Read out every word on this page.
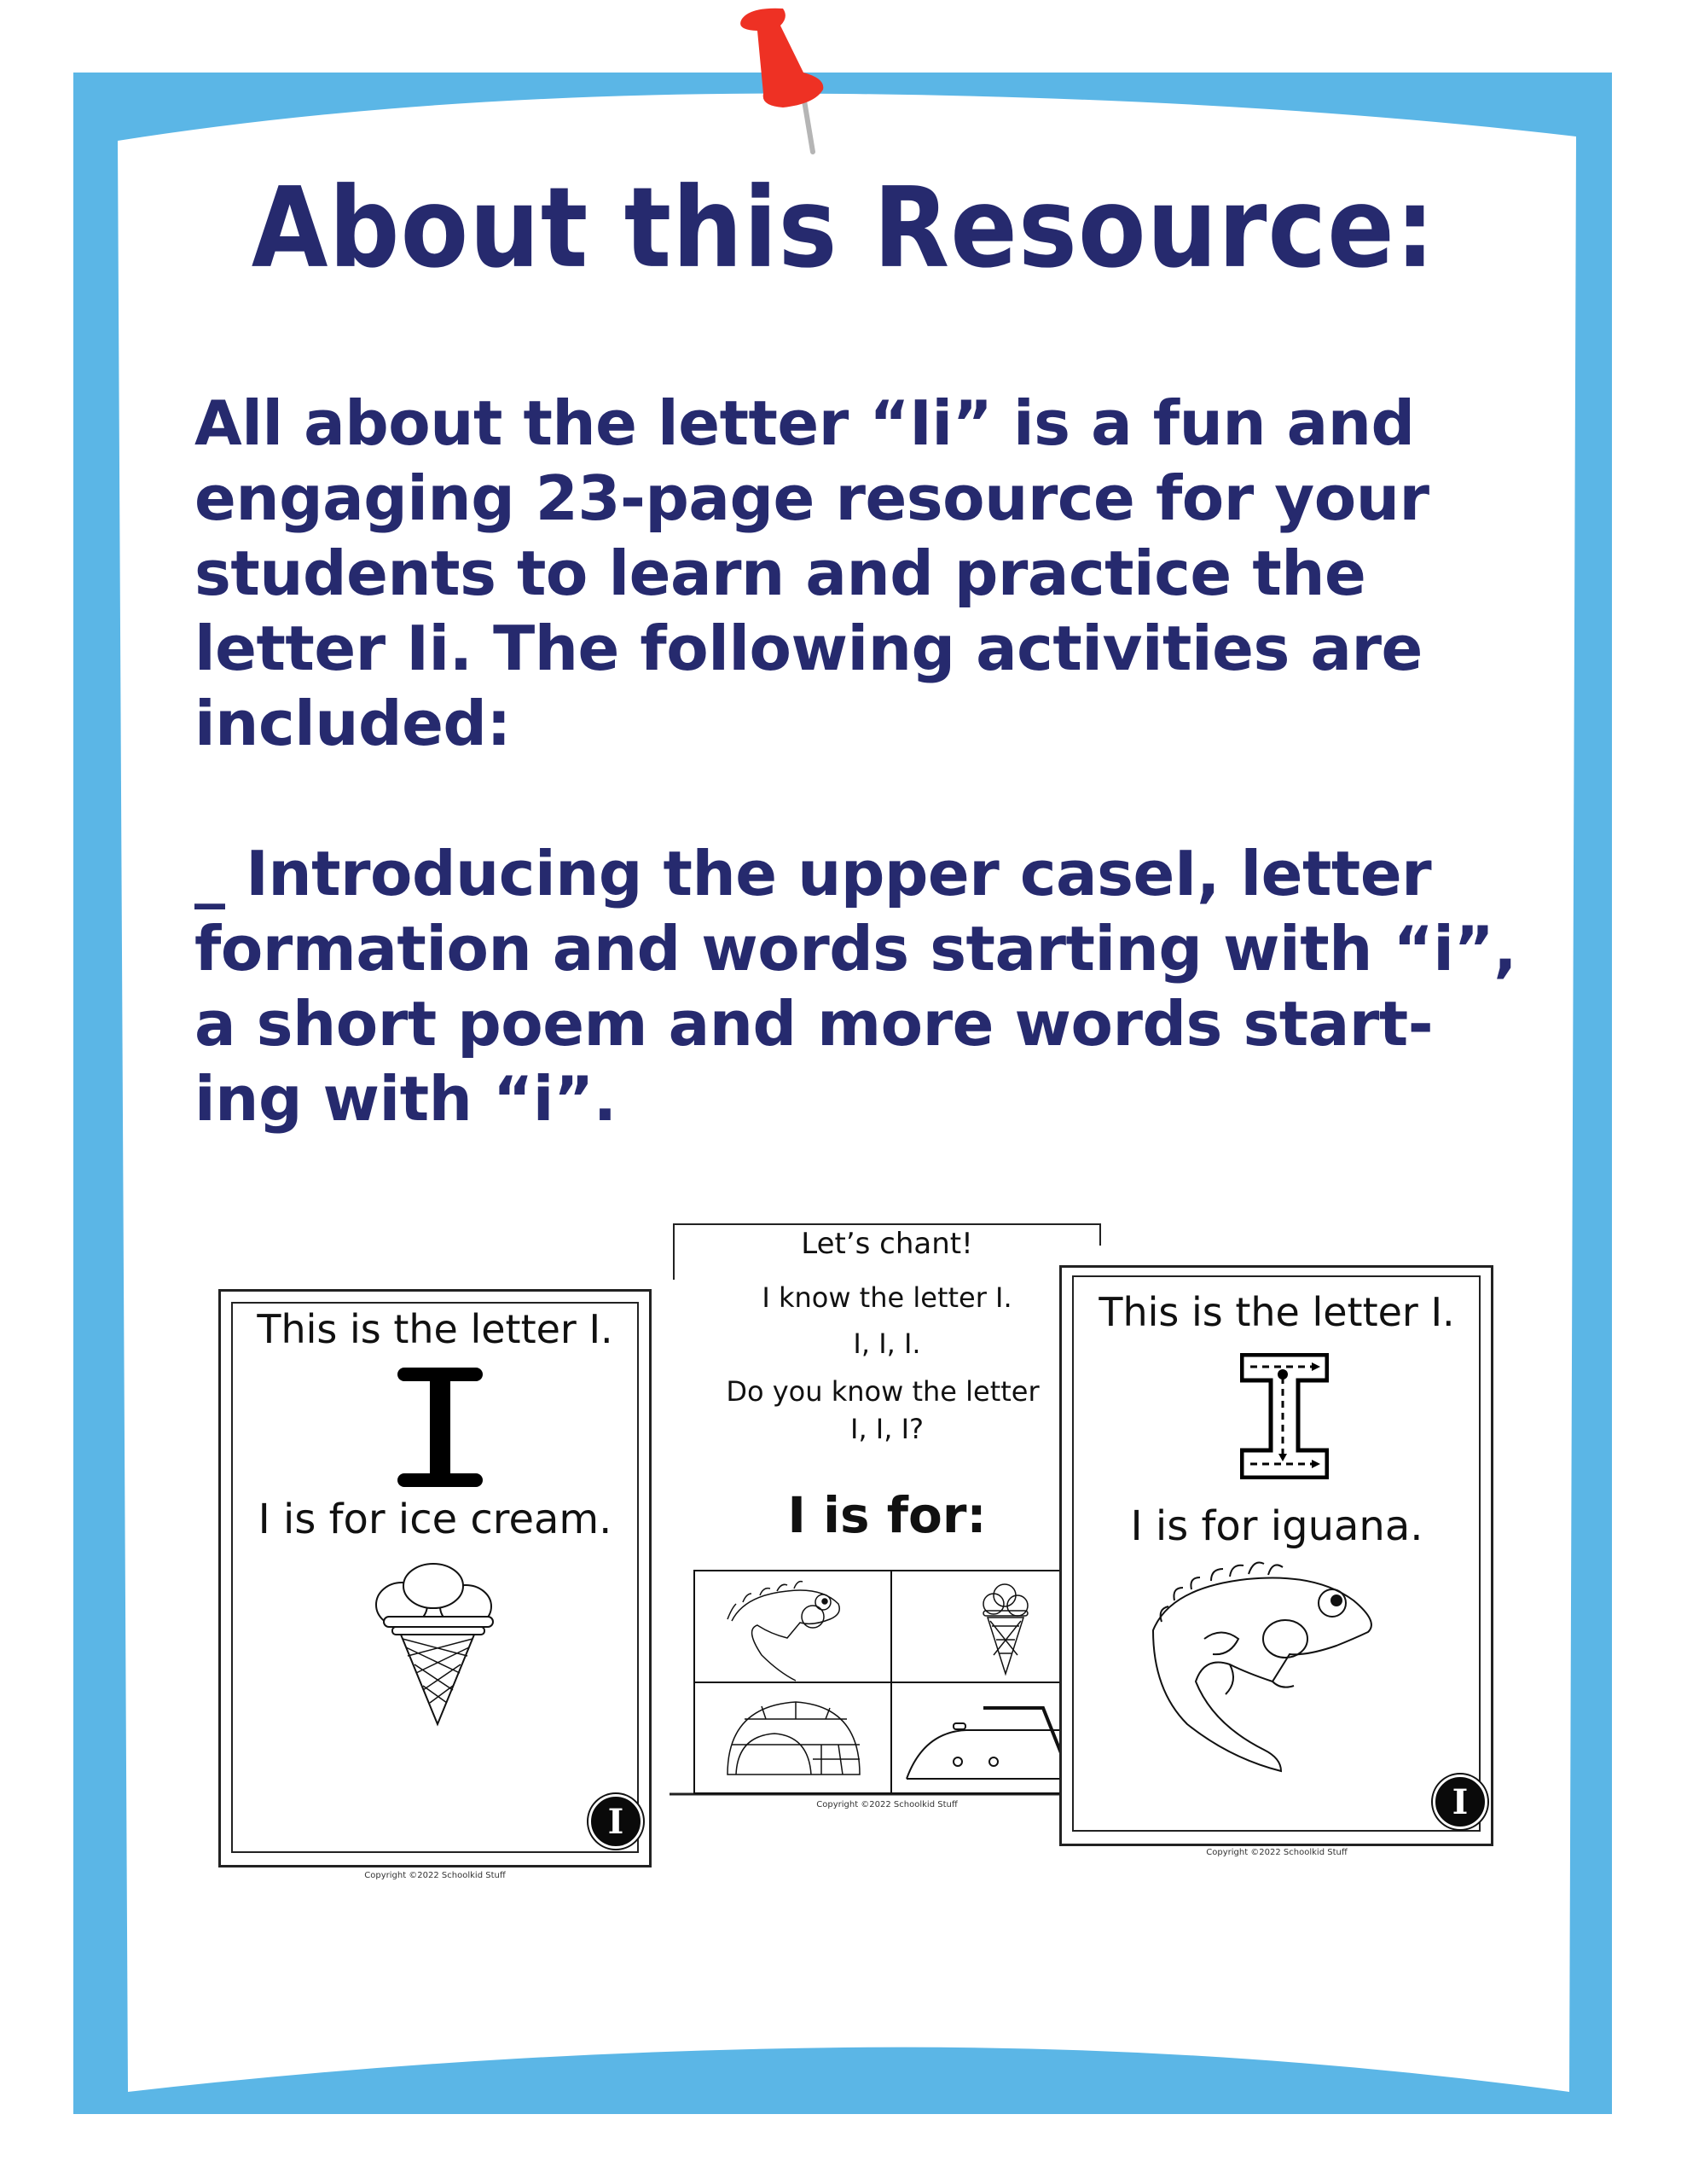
About this Resource:
All about the letter “Ii” is a fun and
engaging 23-page resource for your
students to learn and practice the
letter Ii. The following activities are
included:
_ Introducing the upper caseI, letter
formation and words starting with “i”,
a short poem and more words start-
ing with “i”.
Let’s chant!
I know the letter I.
I, I, I.
Do you know the letter
I, I, I?
I is for:
Copyright ©2022 Schoolkid Stuff
This is the letter I.
I is for ice cream.
I
Copyright ©2022 Schoolkid Stuff
This is the letter I.
I is for iguana.
I
Copyright ©2022 Schoolkid Stuff
